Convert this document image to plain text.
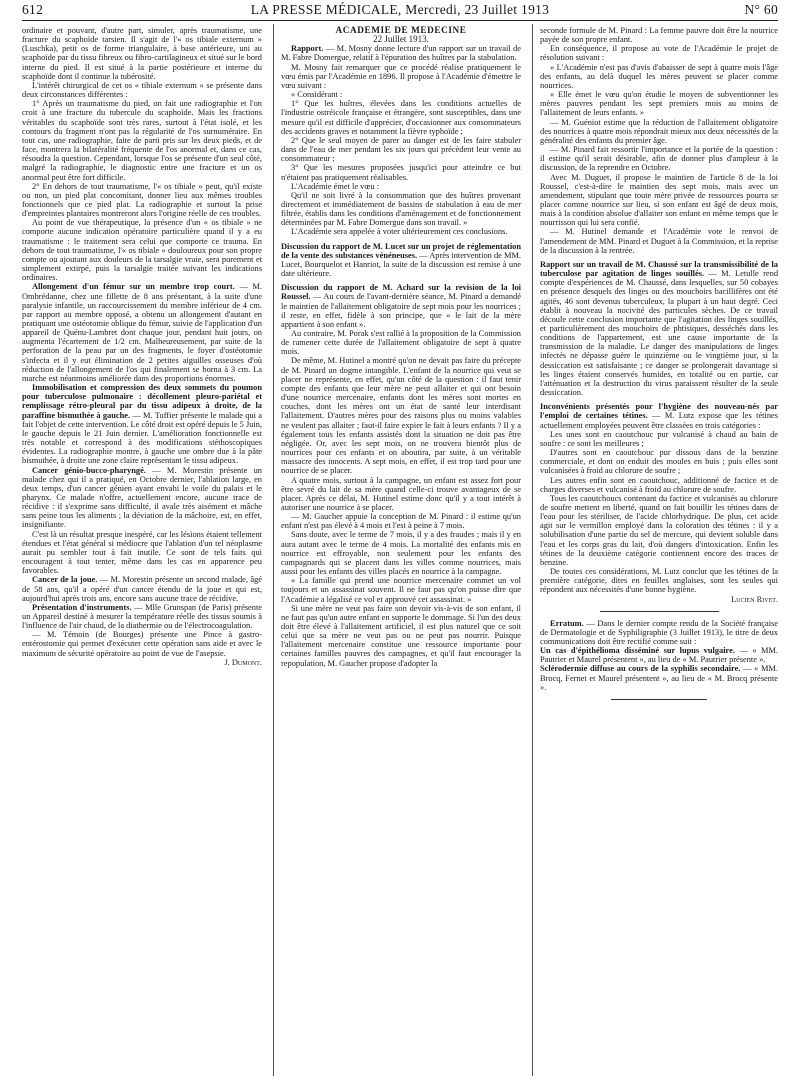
612	LA PRESSE MÉDICALE, Mercredi, 23 Juillet 1913	N° 60

ordinaire et pouvant, d'autre part, simuler, après traumatisme, une fracture du scaphoïde tarsien. Il s'agit de l'« os tibiale externum » (Luschka), petit os de forme triangulaire, à base antérieure, uni au scaphoïde par du tissu fibreux ou fibro-cartilagineux et situé sur le bord interne du pied. Il est situé à la partie postérieure et interne du scaphoïde dont il continue la tubérosité.

L'intérêt chirurgical de cet os « tibiale externum » se présente dans deux circonstances différentes :

1° Après un traumatisme du pied, on fait une radiographie et l'on croit à une fracture du tubercule du scaphoïde. Mais les fractions véritables du scaphoïde sont très rares, surtout à l'état isolé, et les contours du fragment n'ont pas la régularité de l'os surnuméraire. En tout cas, une radiographie, faite de parti pris sur les deux pieds, et de face, montrera la bilatéralité fréquente de l'os anormal et, dans ce cas, résoudra la question. Cependant, lorsque l'os se présente d'un seul côté, malgré la radiographie, le diagnostic entre une fracture et un os anormal peut être fort difficile.

2° En dehors de tout traumatisme, l'« os tibiale » peut, qu'il existe ou non, un pied plat concomitant, donner lieu aux mêmes troubles fonctionnels que ce pied plat. La radiographie et surtout la prise d'empreintes plantaires montreront alors l'origine réelle de ces troubles.

Au point de vue thérapeutique, la présence d'un « os tibiale » ne comporte aucune indication opératoire particulière quand il y a eu traumatisme : le traitement sera celui que comporte ce trauma. En dehors de tout traumatisme, l'« os tibiale » douloureux pour son propre compte ou ajoutant aux douleurs de la tarsalgie vraie, sera purement et simplement extirpé, puis la tarsalgie traitée suivant les indications ordinaires.

Allongement d'un fémur sur un membre trop court. — M. Ombrédanne, chez une fillette de 8 ans présentant, à la suite d'une paralysie infantile, un raccourcissement du membre inférieur de 4 cm. par rapport au membre opposé, a obtenu un allongement d'autant en pratiquant une ostéotomie oblique du fémur, suivie de l'application d'un appareil de Quénu-Lambret dont chaque jour, pendant huit jours, on augmenta l'écartement de 1/2 cm. Malheureusement, par suite de la perforation de la peau par un des fragments, le foyer d'ostéotomie s'infecta et il y eut élimination de 2 petites aiguilles osseuses d'où réduction de l'allongement de l'os qui finalement se borna à 3 cm. La marche est néanmoins améliorée dans des proportions énormes.

Immobilisation et compression des deux sommets du poumon pour tuberculose pulmonaire : décollement pleuro-pariétal et remplissage rétro-pleural par du tissu adipeux à droite, de la paraffine bismuthée à gauche. — M. Tuffier présente le malade qui a fait l'objet de cette intervention. Le côté droit est opéré depuis le 5 Juin, le gauche depuis le 21 Juin dernier. L'amélioration fonctionnelle est très notable et correspond à des modifications stéthoscopiques évidentes. La radiographie montre, à gauche une ombre due à la pâte bismuthée, à droite une zone claire représentant le tissu adipeux.

Cancer génio-bucco-pharyngé. — M. Morestin présente un malade chez qui il a pratiqué, en Octobre dernier, l'ablation large, en deux temps, d'un cancer génien ayant envahi le voile du palais et le pharynx. Ce malade n'offre, actuellement encore, aucune trace de récidive : il s'exprime sans difficulté, il avale très aisément et mâche sans peine tous les aliments ; la déviation de la mâchoire, est, en effet, insignifiante.

C'est là un résultat presque inespéré, car les lésions étaient tellement étendues et l'état général si médiocre que l'ablation d'un tel néoplasme aurait pu sembler tout à fait inutile. Ce sont de tels faits qui encouragent à tout tenter, même dans les cas en apparence peu favorables.

Cancer de la joue. — M. Morestin présente un second malade, âgé de 58 ans, qu'il a opéré d'un cancer étendu de la joue et qui est, aujourd'hui après trois ans, encore sans aucune trace de récidive.

Présentation d'instruments. — Mlle Grunspan (de Paris) présente un Appareil destiné à mesurer la température réelle des tissus soumis à l'influence de l'air chaud, de la diathermie ou de l'électrocoagulation.

— M. Témoin (de Bourges) présente une Pince à gastro-entérostomie qui permet d'exécuter cette opération sans aide et avec le maximum de sécurité opératoire au point de vue de l'asepsie.
J. Dumont.

ACADÉMIE DE MÉDECINE

22 Juillet 1913.

Rapport. — M. Mosny donne lecture d'un rapport sur un travail de M. Fabre Domergue, relatif à l'épuration des huîtres par la stabulation.

M. Mosny fait remarquer que ce procédé réalise pratiquement le vœu émis par l'Académie en 1896. Il propose à l'Académie d'émettre le vœu suivant :

« Considérant :

1° Que les huîtres, élevées dans les conditions actuelles de l'industrie ostréicole française et étrangère, sont susceptibles, dans une mesure qu'il est difficile d'apprécier, d'occasionner aux consommateurs des accidents graves et notamment la fièvre typhoïde ;

2° Que le seul moyen de parer au danger est de les faire stabuler dans de l'eau de mer pendant les six jours qui précèdent leur vente au consommateur ;

3° Que les mesures proposées jusqu'ici pour atteindre ce but n'étaient pas pratiquement réalisables.

L'Académie émet le vœu :

Qu'il ne soit livré à la consommation que des huîtres provenant directement et immédiatement de bassins de stabulation à eau de mer filtrée, établis dans les conditions d'aménagement et de fonctionnement déterminées par M. Fabre Domergue dans son travail. »

L'Académie sera appelée à voter ultérieurement ces conclusions.

Discussion du rapport de M. Lucet sur un projet de réglementation de la vente des substances vénéneuses. — Après intervention de MM. Lucet, Bourquelot et Hanriot, la suite de la discussion est remise à une date ultérieure.

Discussion du rapport de M. Achard sur la revision de la loi Roussel. — Au cours de l'avant-dernière séance, M. Pinard a demandé le maintien de l'allaitement obligatoire de sept mois pour les nourrices ; il reste, en effet, fidèle à son principe, que « le lait de la mère appartient à son enfant ».

Au contraire, M. Porak s'est rallié à la proposition de la Commission de ramener cette durée de l'allaitement obligatoire de sept à quatre mois.

De même, M. Hutinel a montré qu'on ne devait pas faire du précepte de M. Pinard un dogme intangible. L'enfant de la nourrice qui veut se placer ne représente, en effet, qu'un côté de la question : il faut tenir compte des enfants que leur mère ne peut allaiter et qui ont besoin d'une nourrice mercenaire, enfants dont les mères sont mortes en couches, dont les mères ont un état de santé leur interdisant l'allaitement. D'autres mères pour des raisons plus ou moins valables ne veulent pas allaiter ; faut-il faire expier le fait à leurs enfants ? Il y a également tous les enfants assistés dont la situation ne doit pas être négligée. Or, avec les sept mois, on ne trouvera bientôt plus de nourrices pour ces enfants et on aboutira, par suite, à un véritable massacre des innocents. A sept mois, en effet, il est trop tard pour une nourrice de se placer.

A quatre mois, surtout à la campagne, un enfant est assez fort pour être sevré du lait de sa mère quand celle-ci trouve avantageux de se placer. Après ce délai, M. Hutinel estime donc qu'il y a tout intérêt à autoriser une nourrice à se placer.

— M. Gaucher appuie la conception de M. Pinard : il estime qu'un enfant n'est pas élevé à 4 mois et l'est à peine à 7 mois.

Sans doute, avec le terme de 7 mois, il y a des fraudes ; mais il y en aura autant avec le terme de 4 mois. La mortalité des enfants mis en nourrice est effroyable, non seulement pour les enfants des campagnards qui se placent dans les villes comme nourrices, mais aussi pour les enfants des villes placés en nourrice à la campagne.

« La famille qui prend une nourrice mercenaire commet un vol toujours et un assassinat souvent. Il ne faut pas qu'on puisse dire que l'Académie a légalisé ce vol et approuvé cet assassinat. »

Si une mère ne veut pas faire son devoir vis-à-vis de son enfant, il ne faut pas qu'un autre enfant en supporte le dommage. Si l'un des deux doit être élevé à l'allaitement artificiel, il est plus naturel que ce soit celui que sa mère ne veut pas ou ne peut pas nourrir. Puisque l'allaitement mercenaire constitue une ressource importante pour certaines familles pauvres des campagnes, et qu'il faut encourager la repopulation, M. Gaucher propose d'adopter la

seconde formule de M. Pinard : La femme pauvre doit être la nourrice payée de son propre enfant.

En conséquence, il propose au vote de l'Académie le projet de résolution suivant :

« L'Académie n'est pas d'avis d'abaisser de sept à quatre mois l'âge des enfants, au delà duquel les mères peuvent se placer comme nourrices.

« Elle émet le vœu qu'on étudie le moyen de subventionner les mères pauvres pendant les sept premiers mois au moins de l'allaitement de leurs enfants. »

— M. Guéniot estime que la réduction de l'allaitement obligatoire des nourrices à quatre mois répondrait mieux aux deux nécessités de la généralité des enfants du premier âge.

— M. Pinard fait ressortir l'importance et la portée de la question : il estime qu'il serait désirable, afin de donner plus d'ampleur à la discussion, de la reprendre en Octobre.

Avec M. Duguet, il propose le maintien de l'article 8 de la loi Roussel, c'est-à-dire le maintien des sept mois, mais avec un amendement, stipulant que toute mère privée de ressources pourra se placer comme nourrice sur lieu, si son enfant est âgé de deux mois, mais à la condition absolue d'allaiter son enfant en même temps que le nourrisson qui lui sera confié.

— M. Hutinel demande et l'Académie vote le renvoi de l'amendement de MM. Pinard et Duguet à la Commission, et la reprise de la discussion à la rentrée.

Rapport sur un travail de M. Chaussé sur la transmissibilité de la tuberculose par agitation de linges souillés. — M. Letulle rend compte d'expériences de M. Chaussé, dans lesquelles, sur 50 cobayes en présence desquels des linges ou des mouchoirs bacillifères ont été agités, 46 sont devenus tuberculeux, la plupart à un haut degré. Ceci établit à nouveau la nocivité des particules sèches. De ce travail découle cette conclusion importante que l'agitation des linges souillés, et particulièrement des mouchoirs de phtisiques, desséchés dans les conditions de l'appartement, est une cause importante de la transmission de la maladie. Le danger des manipulations de linges infectés ne dépasse guère le quinzième ou le vingtième jour, si la dessiccation est satisfaisante ; ce danger se prolongerait davantage si les linges étaient conservés humides, en totalité ou en partie, car l'atténuation et la destruction du virus paraissent résulter de la seule dessiccation.

Inconvénients présentés pour l'hygiène des nouveau-nés par l'emploi de certaines tétines. — M. Lutz expose que les tétines actuellement employées peuvent être classées en trois catégories :

Les unes sont en caoutchouc pur vulcanisé à chaud au bain de soufre : ce sont les meilleures ;

D'autres sont en caoutchouc pur dissous dans de la benzine commerciale, et dont on enduit des moules en buis ; puis elles sont vulcanisées à froid au chlorure de soufre ;

Les autres enfin sont en caoutchouc, additionné de factice et de charges diverses et vulcanisé à froid au chlorure de soufre.

Tous les caoutchoucs contenant du factice et vulcanisés au chlorure de soufre mettent en liberté, quand on fait bouillir les tétines dans de l'eau pour les stériliser, de l'acide chlorhydrique. De plus, cet acide agit sur le vermillon employé dans la coloration des tétines : il y a solubilisation d'une partie du sel de mercure, qui devient soluble dans l'eau et les corps gras du lait, d'où dangers d'intoxication. Enfin les tétines de la deuxième catégorie contiennent encore des traces de benzine.

De toutes ces considérations, M. Lutz conclut que les tétines de la première catégorie, dites en feuilles anglaises, sont les seules qui répondent aux nécessités d'une bonne hygiène.

Lucien Rivet.

Erratum. — Dans le dernier compte rendu de la Société française de Dermatologie et de Syphiligraphie (3 Juillet 1913), le titre de deux communications doit être rectifié comme suit :

Un cas d'épithélioma disséminé sur lupus vulgaire. — « MM. Pautrier et Maurel présentent », au lieu de « M. Pautrier présente ».

Sclérodermie diffuse au cours de la syphilis secondaire. — « MM. Brocq, Fernet et Maurel présentent », au lieu de « M. Brocq présente ».
